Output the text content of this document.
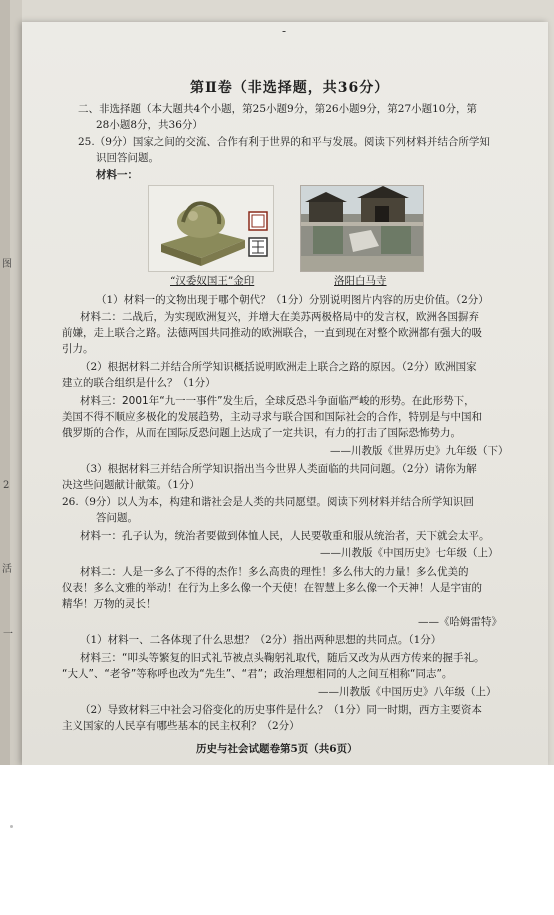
图
2
活
一
-
第Ⅱ卷（非选择题，共36分）
二、非选择题（本大题共4个小题，第25小题9分，第26小题9分，第27小题10分，第
28小题8分，共36分）
25.（9分）国家之间的交流、合作有利于世界的和平与发展。阅读下列材料并结合所学知
识回答问题。
材料一：
“汉委奴国王”金印	洛阳白马寺
（1）材料一的文物出现于哪个朝代？（1分）分别说明图片内容的历史价值。（2分）
材料二：二战后，为实现欧洲复兴，并增大在美苏两极格局中的发言权，欧洲各国摒弃
前嫌，走上联合之路。法德两国共同推动的欧洲联合，一直到现在对整个欧洲都有强大的吸
引力。
（2）根据材料二并结合所学知识概括说明欧洲走上联合之路的原因。（2分）欧洲国家
建立的联合组织是什么？（1分）
材料三：2001年“九一一事件”发生后，全球反恐斗争面临严峻的形势。在此形势下，
美国不得不顺应多极化的发展趋势，主动寻求与联合国和国际社会的合作，特别是与中国和
俄罗斯的合作，从而在国际反恐问题上达成了一定共识，有力的打击了国际恐怖势力。
——川教版《世界历史》九年级（下）
（3）根据材料三并结合所学知识指出当今世界人类面临的共同问题。（2分）请你为解
决这些问题献计献策。（1分）
26.（9分）以人为本，构建和谐社会是人类的共同愿望。阅读下列材料并结合所学知识回
答问题。
材料一：孔子认为，统治者要做到体恤人民，人民要敬重和服从统治者，天下就会太平。
——川教版《中国历史》七年级（上）
材料二：人是一多么了不得的杰作！多么高贵的理性！多么伟大的力量！多么优美的
仪表！多么文雅的举动！在行为上多么像一个天使！在智慧上多么像一个天神！人是宇宙的
精华！万物的灵长！
——《哈姆雷特》
（1）材料一、二各体现了什么思想？（2分）指出两种思想的共同点。（1分）
材料三：“叩头等繁复的旧式礼节被点头鞠躬礼取代，随后又改为从西方传来的握手礼。
“大人”、“老爷”等称呼也改为“先生”、“君”；政治理想相同的人之间互相称“同志”。
——川教版《中国历史》八年级（上）
（2）导致材料三中社会习俗变化的历史事件是什么？（1分）同一时期，西方主要资本
主义国家的人民享有哪些基本的民主权利？（2分）
历史与社会试题卷第5页（共6页）
